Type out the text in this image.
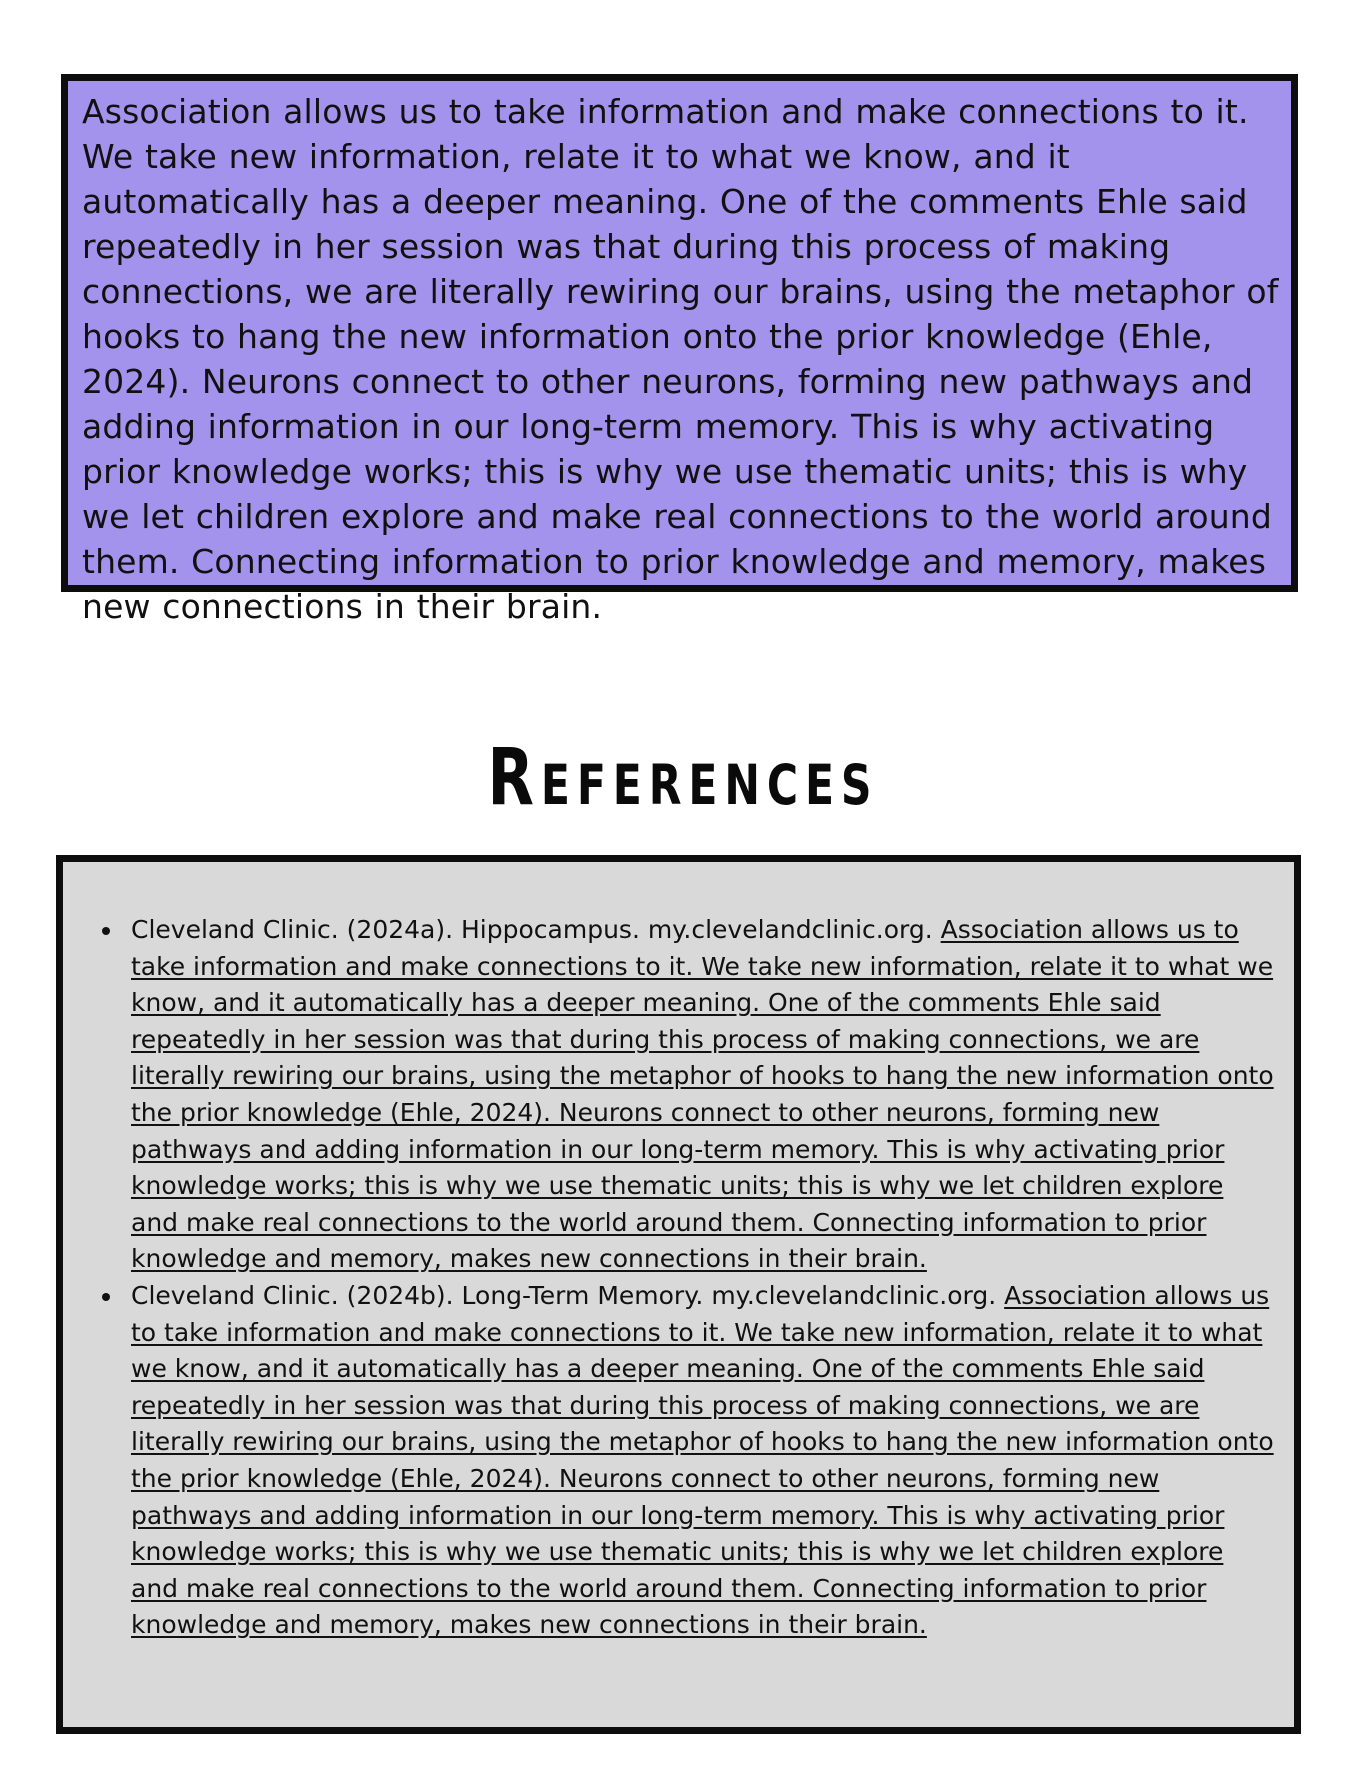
Association allows us to take information and make connections to it. We take new information, relate it to what we know, and it automatically has a deeper meaning. One of the comments Ehle said repeatedly in her session was that during this process of making connections, we are literally rewiring our brains, using the metaphor of hooks to hang the new information onto the prior knowledge (Ehle, 2024). Neurons connect to other neurons, forming new pathways and adding information in our long-term memory. This is why activating prior knowledge works; this is why we use thematic units; this is why we let children explore and make real connections to the world around them. Connecting information to prior knowledge and memory, makes new connections in their brain.

References
Cleveland Clinic. (2024a). Hippocampus. my.clevelandclinic.org. Association allows us to take information and make connections to it. We take new information, relate it to what we know, and it automatically has a deeper meaning. One of the comments Ehle said repeatedly in her session was that during this process of making connections, we are literally rewiring our brains, using the metaphor of hooks to hang the new information onto the prior knowledge (Ehle, 2024). Neurons connect to other neurons, forming new pathways and adding information in our long-term memory. This is why activating prior knowledge works; this is why we use thematic units; this is why we let children explore and make real connections to the world around them. Connecting information to prior knowledge and memory, makes new connections in their brain.
Cleveland Clinic. (2024b). Long-Term Memory. my.clevelandclinic.org. Association allows us to take information and make connections to it. We take new information, relate it to what we know, and it automatically has a deeper meaning. One of the comments Ehle said repeatedly in her session was that during this process of making connections, we are literally rewiring our brains, using the metaphor of hooks to hang the new information onto the prior knowledge (Ehle, 2024). Neurons connect to other neurons, forming new pathways and adding information in our long-term memory. This is why activating prior knowledge works; this is why we use thematic units; this is why we let children explore and make real connections to the world around them. Connecting information to prior knowledge and memory, makes new connections in their brain.
